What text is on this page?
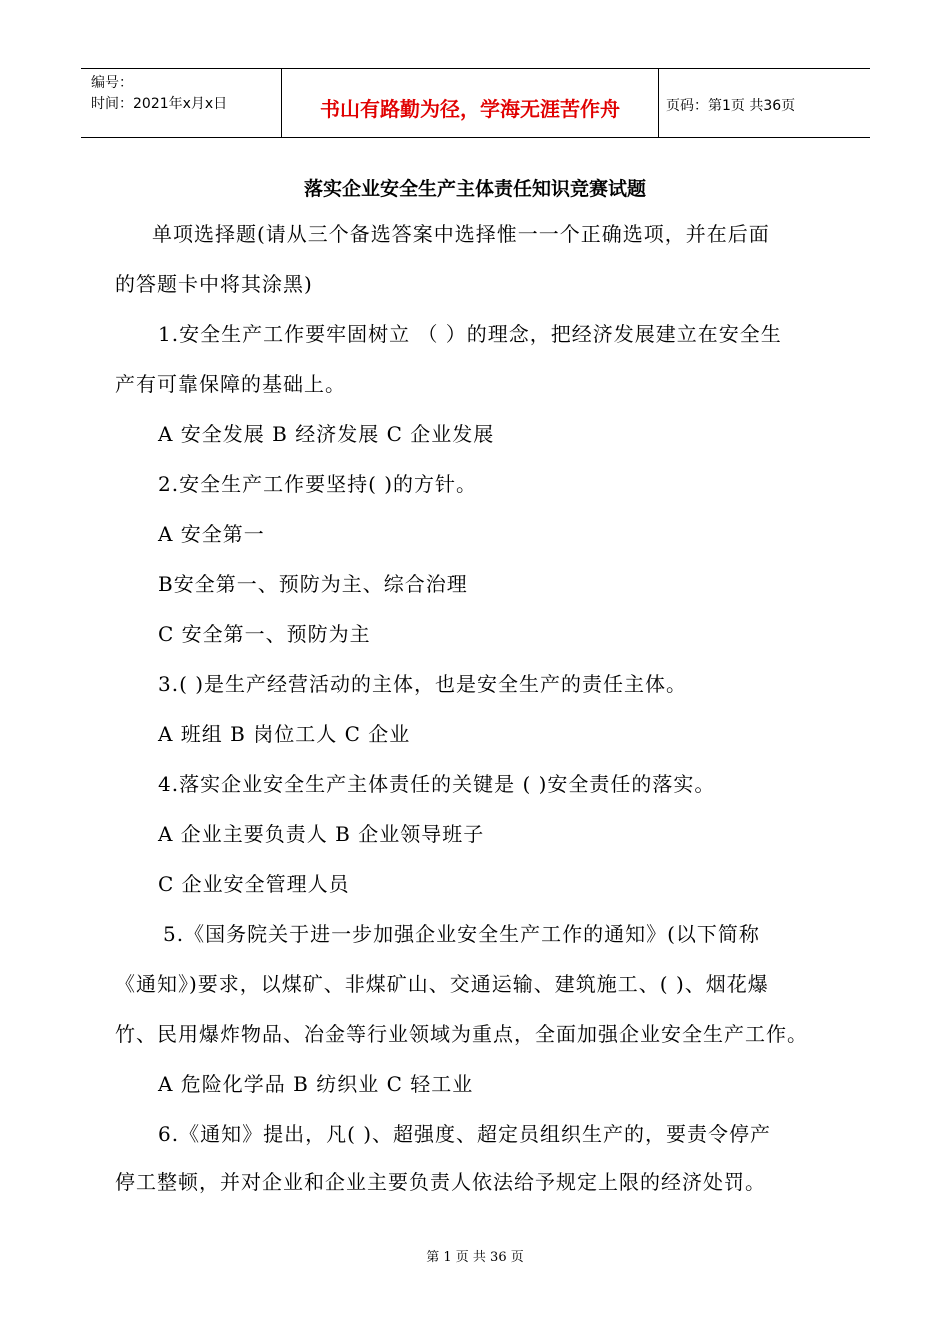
编号：
时间：2021年x月x日	书山有路勤为径，学海无涯苦作舟	页码：第1页 共36页
落实企业安全生产主体责任知识竞赛试题
单项选择题(请从三个备选答案中选择惟一一个正确选项，并在后面
的答题卡中将其涂黑)
1.安全生产工作要牢固树立 （ ）的理念，把经济发展建立在安全生
产有可靠保障的基础上。
A 安全发展 B 经济发展 C 企业发展
2.安全生产工作要坚持( )的方针。
A 安全第一
B安全第一、预防为主、综合治理
C 安全第一、预防为主
3.( )是生产经营活动的主体，也是安全生产的责任主体。
A 班组 B 岗位工人 C 企业
4.落实企业安全生产主体责任的关键是 ( )安全责任的落实。
A 企业主要负责人 B 企业领导班子
C 企业安全管理人员
5.《国务院关于进一步加强企业安全生产工作的通知》(以下简称
《通知》)要求，以煤矿、非煤矿山、交通运输、建筑施工、( )、烟花爆
竹、民用爆炸物品、冶金等行业领域为重点，全面加强企业安全生产工作。
A 危险化学品 B 纺织业 C 轻工业
6.《通知》提出，凡( )、超强度、超定员组织生产的，要责令停产
停工整顿，并对企业和企业主要负责人依法给予规定上限的经济处罚。
第 1 页 共 36 页
